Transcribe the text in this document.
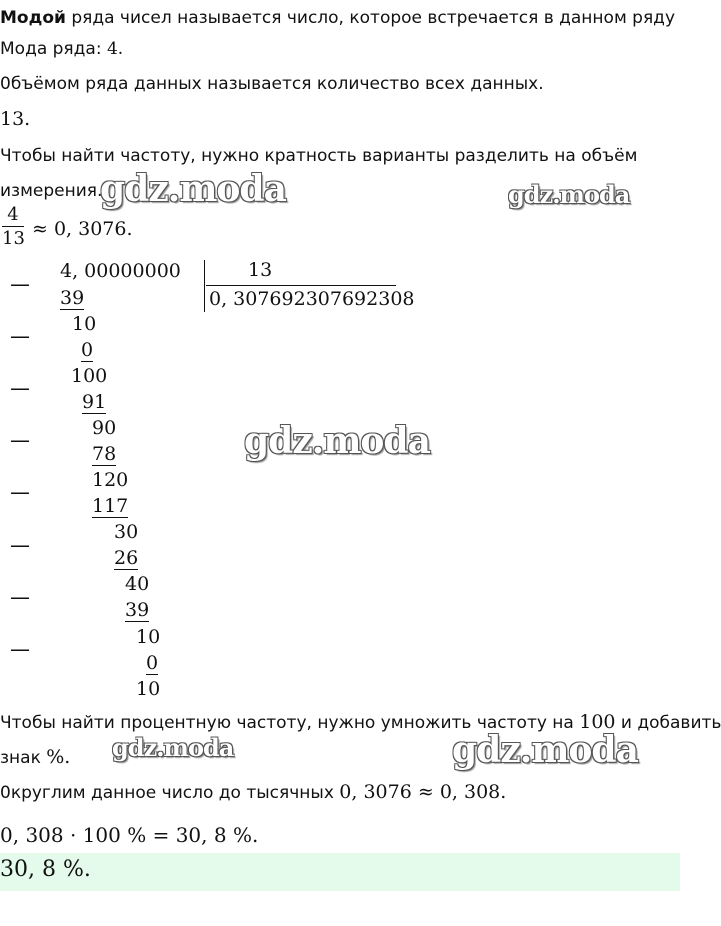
Модой ряда чисел называется число, которое встречается в данном ряду
Мода ряда: 4.
0бъёмом ряда данных называется количество всех данных.
13.
Чтобы найти частоту, нужно кратность варианты разделить на объём
измерения.
4
13 ≈ 0, 3076.
—
—
—
—
—
—
—
—
4, 00000000	13
0, 307692307692308
39
10
0
100
91
90
78
120
117
30
26
40
39
10
0
10
Чтобы найти процентную частоту, нужно умножить частоту на 100 и добавить
знак %.
0кругли​м данное число до тысячных 0, 3076 ≈ 0, 308.
0, 308 · 100 % = 30, 8 %.
30, 8 %.
gdz.moda	gdz.moda
gdz.moda
gdz.moda	gdz.moda
